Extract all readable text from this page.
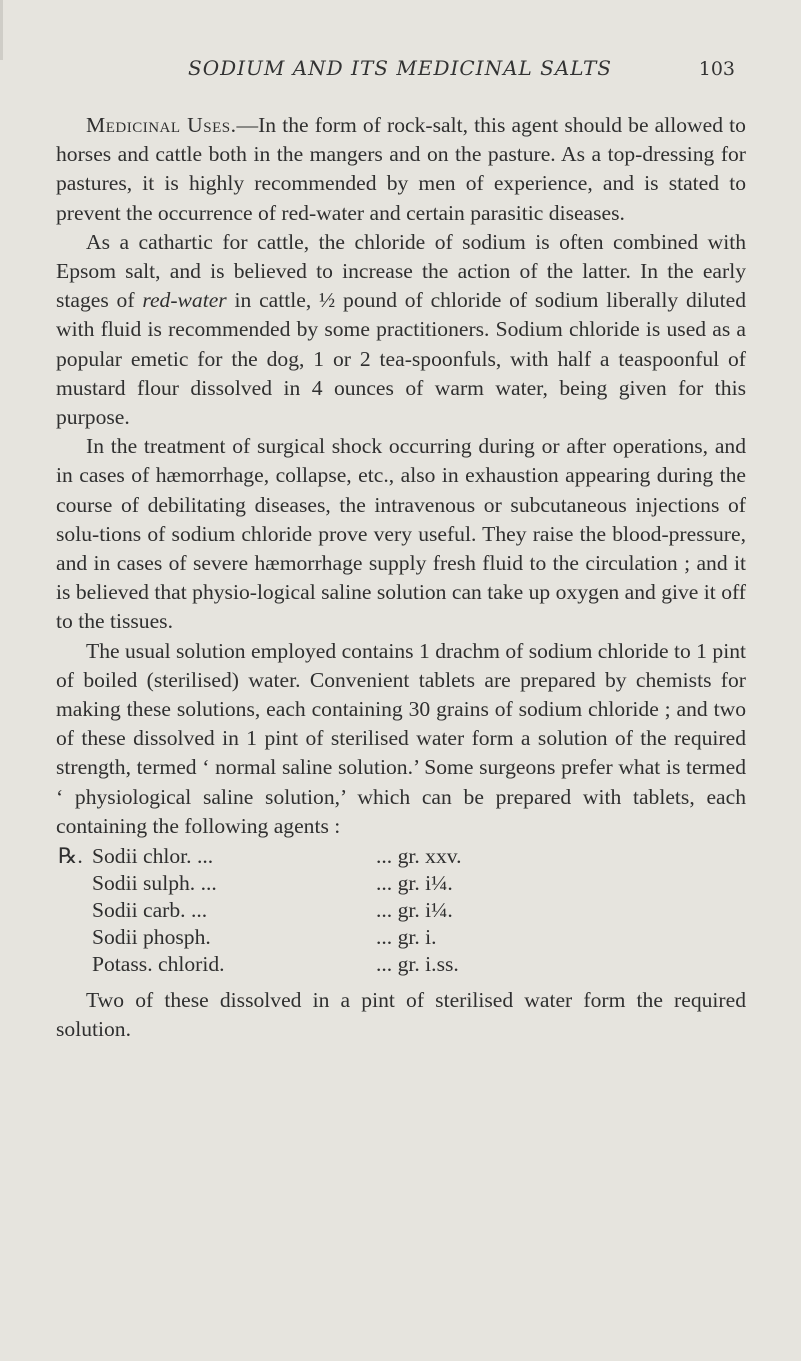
SODIUM AND ITS MEDICINAL SALTS	103

Medicinal Uses.—In the form of rock-salt, this agent should be allowed to horses and cattle both in the mangers and on the pasture. As a top-dressing for pastures, it is highly recommended by men of experience, and is stated to prevent the occurrence of red-water and certain parasitic diseases.

As a cathartic for cattle, the chloride of sodium is often combined with Epsom salt, and is believed to increase the action of the latter. In the early stages of red-water in cattle, ½ pound of chloride of sodium liberally diluted with fluid is recommended by some practitioners. Sodium chloride is used as a popular emetic for the dog, 1 or 2 tea-spoonfuls, with half a teaspoonful of mustard flour dissolved in 4 ounces of warm water, being given for this purpose.

In the treatment of surgical shock occurring during or after operations, and in cases of hæmorrhage, collapse, etc., also in exhaustion appearing during the course of debilitating diseases, the intravenous or subcutaneous injections of solu-tions of sodium chloride prove very useful. They raise the blood-pressure, and in cases of severe hæmorrhage supply fresh fluid to the circulation ; and it is believed that physio-logical saline solution can take up oxygen and give it off to the tissues.

The usual solution employed contains 1 drachm of sodium chloride to 1 pint of boiled (sterilised) water. Convenient tablets are prepared by chemists for making these solutions, each containing 30 grains of sodium chloride ; and two of these dissolved in 1 pint of sterilised water form a solution of the required strength, termed ‘ normal saline solution.’ Some surgeons prefer what is termed ‘ physiological saline solution,’ which can be prepared with tablets, each containing the following agents :

℞. Sodii chlor. ...	... gr. xxv.
Sodii sulph. ...	... gr. i¼.
Sodii carb. ...	... gr. i¼.
Sodii phosph.	... gr. i.
Potass. chlorid.	... gr. i.ss.

Two of these dissolved in a pint of sterilised water form the required solution.
